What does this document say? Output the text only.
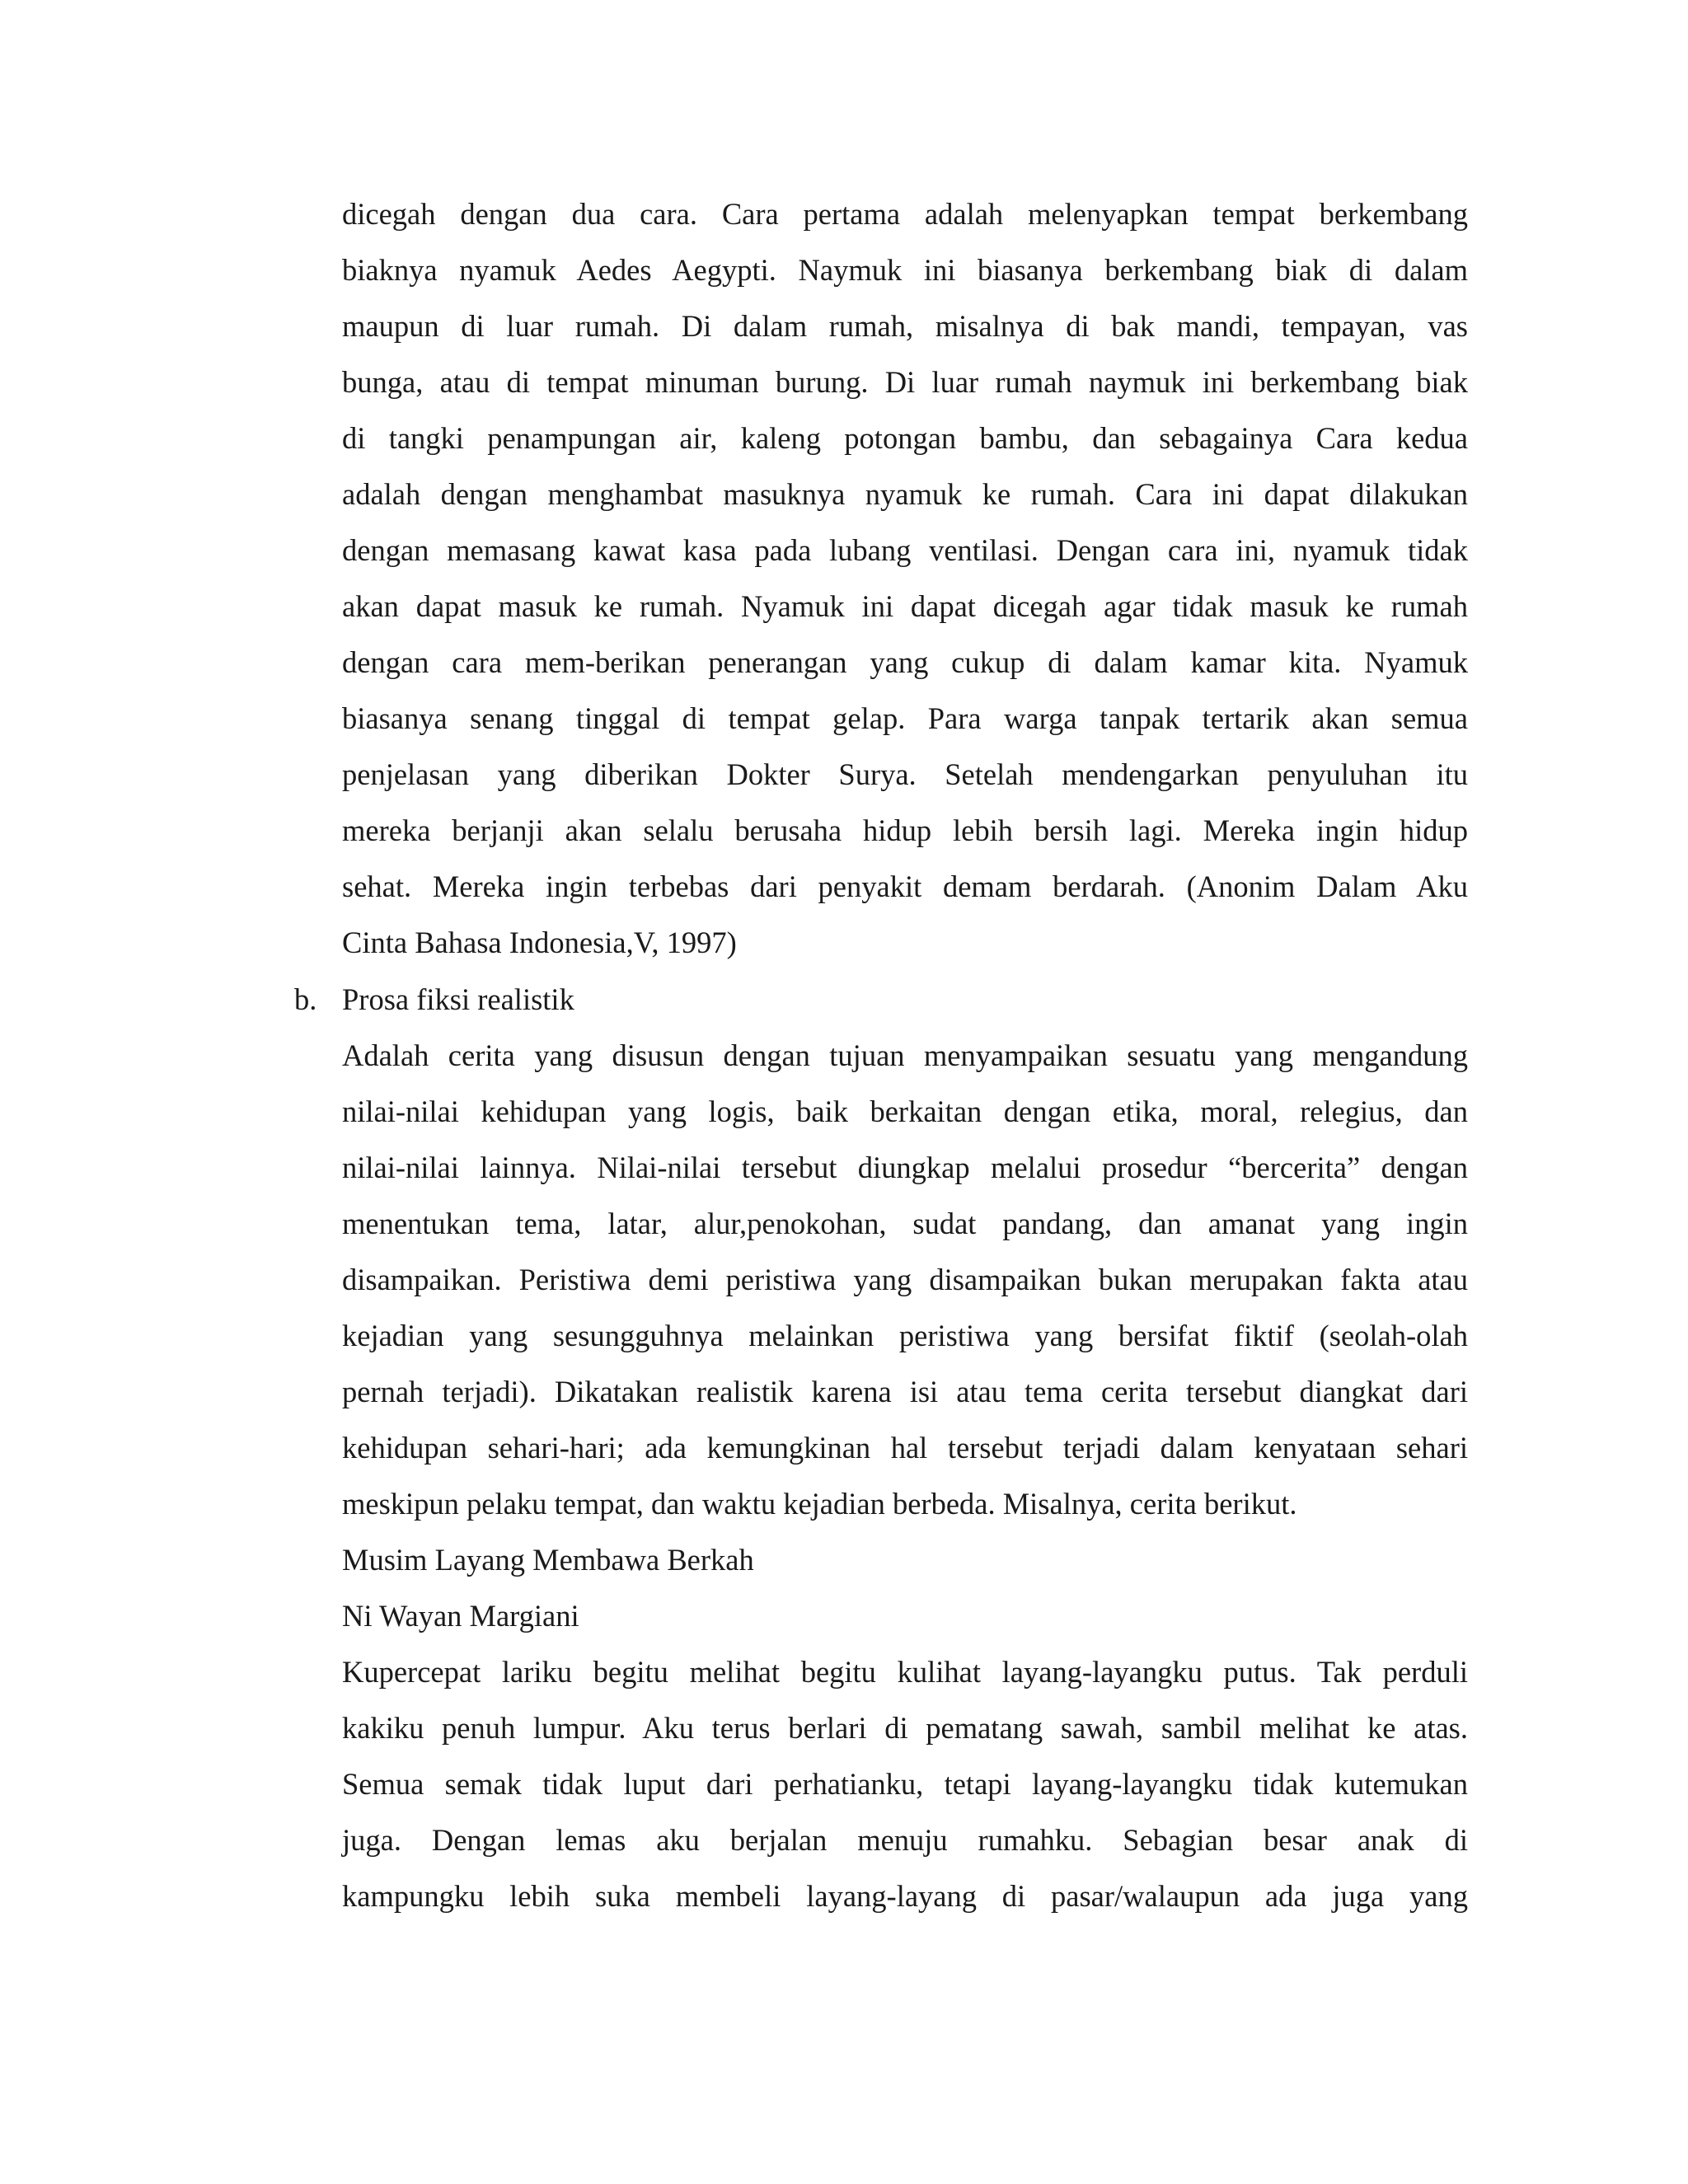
dicegah dengan dua cara. Cara pertama adalah melenyapkan tempat berkembang
biaknya nyamuk Aedes Aegypti. Naymuk ini biasanya berkembang biak di dalam
maupun di luar rumah. Di dalam rumah, misalnya di bak mandi, tempayan, vas
bunga, atau di tempat minuman burung. Di luar rumah naymuk ini berkembang biak
di tangki penampungan air, kaleng potongan bambu, dan sebagainya Cara kedua
adalah dengan menghambat masuknya nyamuk ke rumah. Cara ini dapat dilakukan
dengan memasang kawat kasa pada lubang ventilasi. Dengan cara ini, nyamuk tidak
akan dapat masuk ke rumah. Nyamuk ini dapat dicegah agar tidak masuk ke rumah
dengan cara mem-berikan penerangan yang cukup di dalam kamar kita. Nyamuk
biasanya senang tinggal di tempat gelap. Para warga tanpak tertarik akan semua
penjelasan yang diberikan Dokter Surya. Setelah mendengarkan penyuluhan itu
mereka berjanji akan selalu berusaha hidup lebih bersih lagi. Mereka ingin hidup
sehat. Mereka ingin terbebas dari penyakit demam berdarah. (Anonim Dalam Aku
Cinta Bahasa Indonesia,V, 1997)
b. Prosa fiksi realistik
Adalah cerita yang disusun dengan tujuan menyampaikan sesuatu yang mengandung
nilai-nilai kehidupan yang logis, baik berkaitan dengan etika, moral, relegius, dan
nilai-nilai lainnya. Nilai-nilai tersebut diungkap melalui prosedur “bercerita” dengan
menentukan tema, latar, alur,penokohan, sudat pandang, dan amanat yang ingin
disampaikan. Peristiwa demi peristiwa yang disampaikan bukan merupakan fakta atau
kejadian yang sesungguhnya melainkan peristiwa yang bersifat fiktif (seolah-olah
pernah terjadi). Dikatakan realistik karena isi atau tema cerita tersebut diangkat dari
kehidupan sehari-hari; ada kemungkinan hal tersebut terjadi dalam kenyataan sehari
meskipun pelaku tempat, dan waktu kejadian berbeda. Misalnya, cerita berikut.
Musim Layang Membawa Berkah
Ni Wayan Margiani
Kupercepat lariku begitu melihat begitu kulihat layang-layangku putus. Tak perduli
kakiku penuh lumpur. Aku terus berlari di pematang sawah, sambil melihat ke atas.
Semua semak tidak luput dari perhatianku, tetapi layang-layangku tidak kutemukan
juga. Dengan lemas aku berjalan menuju rumahku. Sebagian besar anak di
kampungku lebih suka membeli layang-layang di pasar/walaupun ada juga yang
